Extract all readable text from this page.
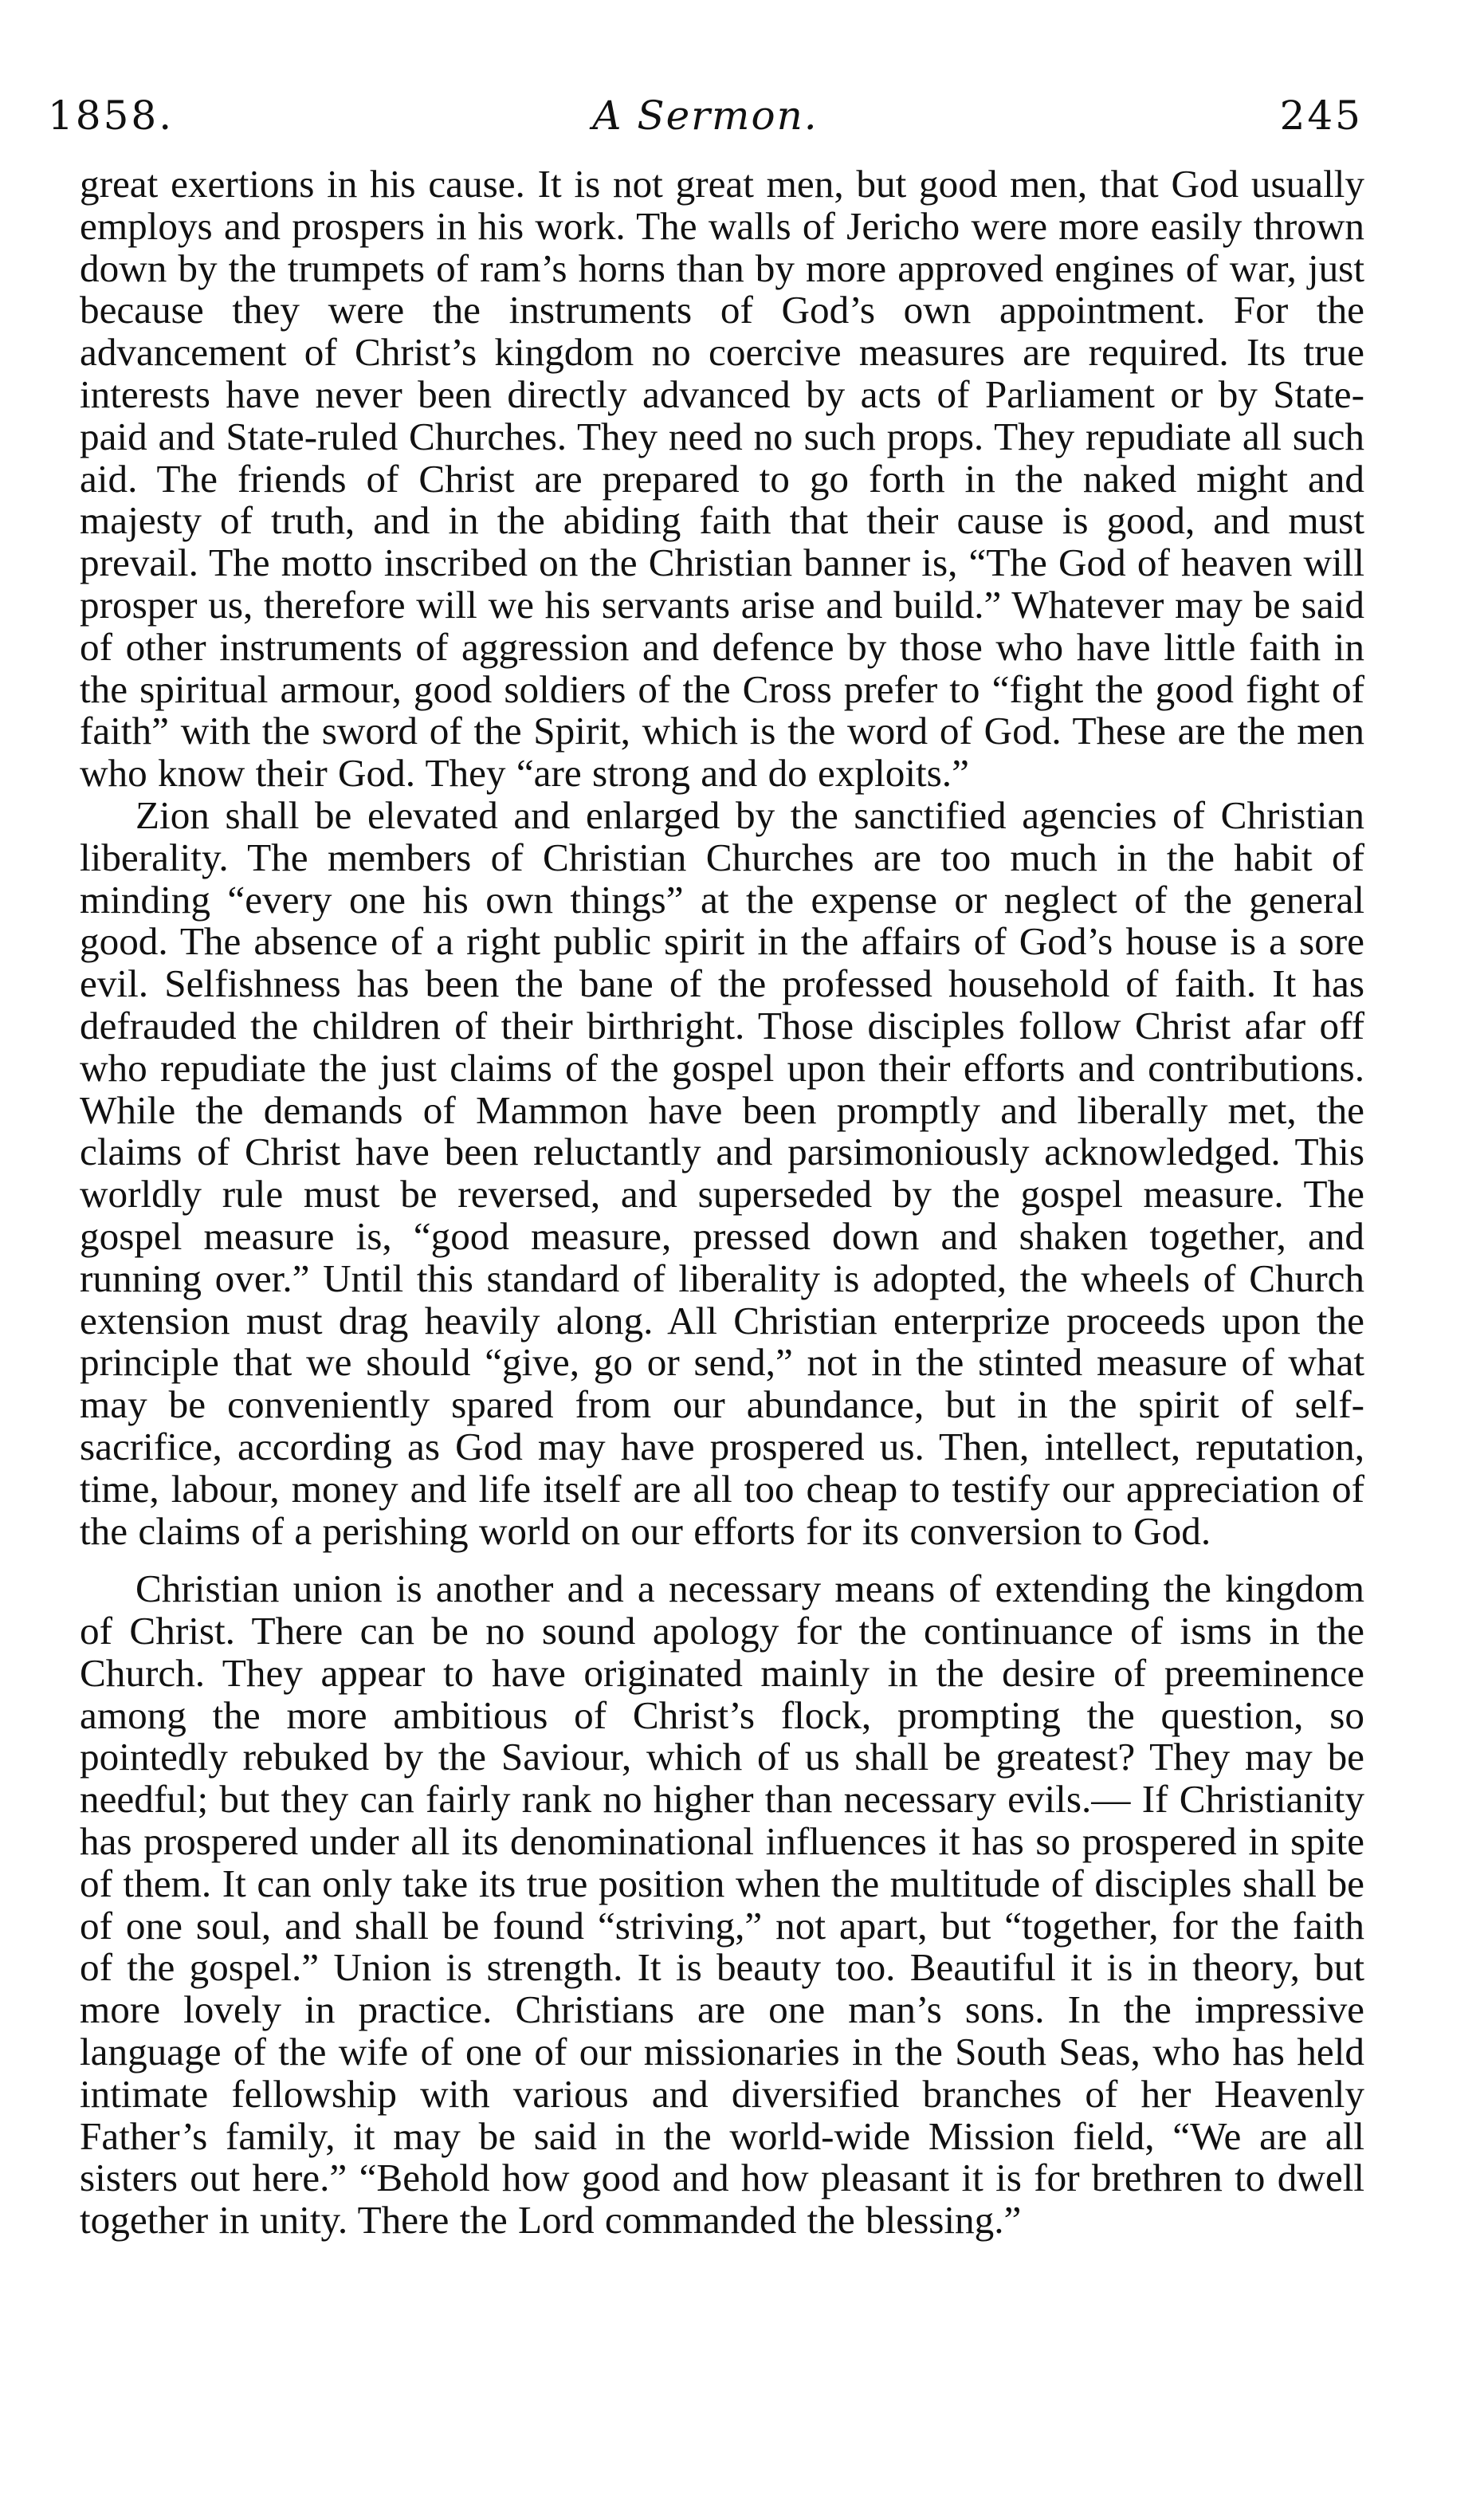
1858.	A Sermon.	245

great exertions in his cause. It is not great men, but good men, that God usually employs and prospers in his work. The walls of Jericho were more easily thrown down by the trumpets of ram’s horns than by more approved engines of war, just because they were the instruments of God’s own appointment. For the advancement of Christ’s kingdom no coercive measures are required. Its true interests have never been directly advanced by acts of Parliament or by State-paid and State-ruled Churches. They need no such props. They repudiate all such aid. The friends of Christ are prepared to go forth in the naked might and majesty of truth, and in the abiding faith that their cause is good, and must prevail. The motto inscribed on the Christian banner is, “The God of heaven will prosper us, therefore will we his servants arise and build.” Whatever may be said of other instruments of aggression and defence by those who have little faith in the spiritual armour, good soldiers of the Cross prefer to “fight the good fight of faith” with the sword of the Spirit, which is the word of God. These are the men who know their God. They “are strong and do exploits.”

Zion shall be elevated and enlarged by the sanctified agencies of Christian liberality. The members of Christian Churches are too much in the habit of minding “every one his own things” at the expense or neglect of the general good. The absence of a right public spirit in the affairs of God’s house is a sore evil. Selfishness has been the bane of the professed household of faith. It has defrauded the children of their birthright. Those disciples follow Christ afar off who repudiate the just claims of the gospel upon their efforts and contributions. While the demands of Mammon have been promptly and liberally met, the claims of Christ have been reluctantly and parsimoniously acknowledged. This worldly rule must be reversed, and superseded by the gospel measure. The gospel measure is, “good measure, pressed down and shaken together, and running over.” Until this standard of liberality is adopted, the wheels of Church extension must drag heavily along. All Christian enterprize proceeds upon the principle that we should “give, go or send,” not in the stinted measure of what may be conveniently spared from our abundance, but in the spirit of self-sacrifice, according as God may have prospered us. Then, intellect, reputation, time, labour, money and life itself are all too cheap to testify our appreciation of the claims of a perishing world on our efforts for its conversion to God.

Christian union is another and a necessary means of extending the kingdom of Christ. There can be no sound apology for the continuance of isms in the Church. They appear to have originated mainly in the desire of preeminence among the more ambitious of Christ’s flock, prompting the question, so pointedly rebuked by the Saviour, which of us shall be greatest? They may be needful; but they can fairly rank no higher than necessary evils.— If Christianity has prospered under all its denominational influences it has so prospered in spite of them. It can only take its true position when the multitude of disciples shall be of one soul, and shall be found “striving,” not apart, but “together, for the faith of the gospel.” Union is strength. It is beauty too. Beautiful it is in theory, but more lovely in practice. Christians are one man’s sons. In the impressive language of the wife of one of our missionaries in the South Seas, who has held intimate fellowship with various and diversified branches of her Heavenly Father’s family, it may be said in the world-wide Mission field, “We are all sisters out here.” “Behold how good and how pleasant it is for brethren to dwell together in unity. There the Lord commanded the blessing.”
